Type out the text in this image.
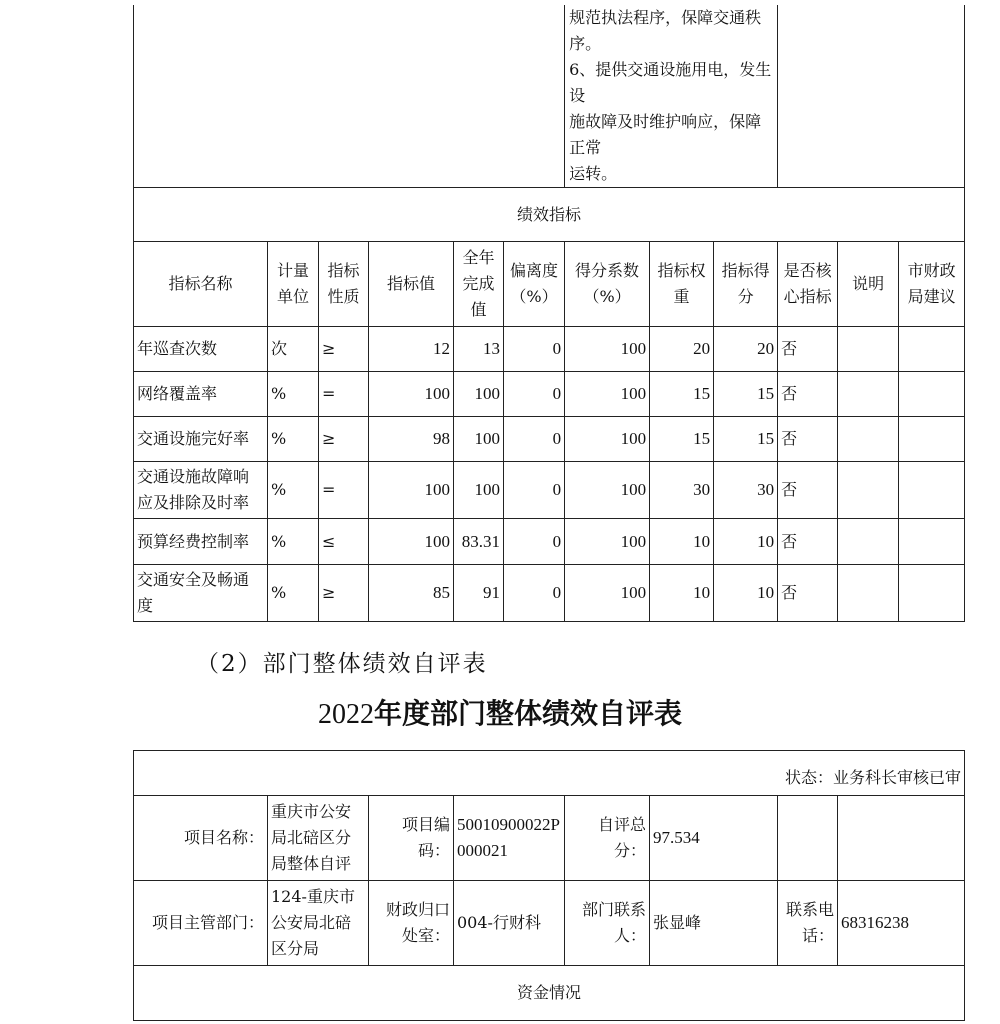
						规范执法程序，保障交通秩序。
6、提供交通设施用电，发生设
施故障及时维护响应，保障正常
运转。					

绩效指标											
指标名称	计量单位	指标性质	指标值	全年完成值	偏离度（%）	得分系数（%）	指标权重	指标得分	是否核心指标	说明	市财政局建议
年巡查次数	次	≥	12	13	0	100	20	20	否		
网络覆盖率	%	=	100	100	0	100	15	15	否		
交通设施完好率	%	≥	98	100	0	100	15	15	否		
交通设施故障响应及排除及时率	%	=	100	100	0	100	30	30	否		
预算经费控制率	%	≤	100	83.31	0	100	10	10	否		
交通安全及畅通度	%	≥	85	91	0	100	10	10	否		
（2）部门整体绩效自评表
2022年度部门整体绩效自评表
状态：业务科长审核已审							
项目名称：	重庆市公安局北碚区分局整体自评	项目编码：	50010900022P000021	自评总分：	97.534		
项目主管部门：	124-重庆市公安局北碚区分局	财政归口处室：	004-行财科	部门联系人：	张显峰	联系电话：	68316238
资金情况							
